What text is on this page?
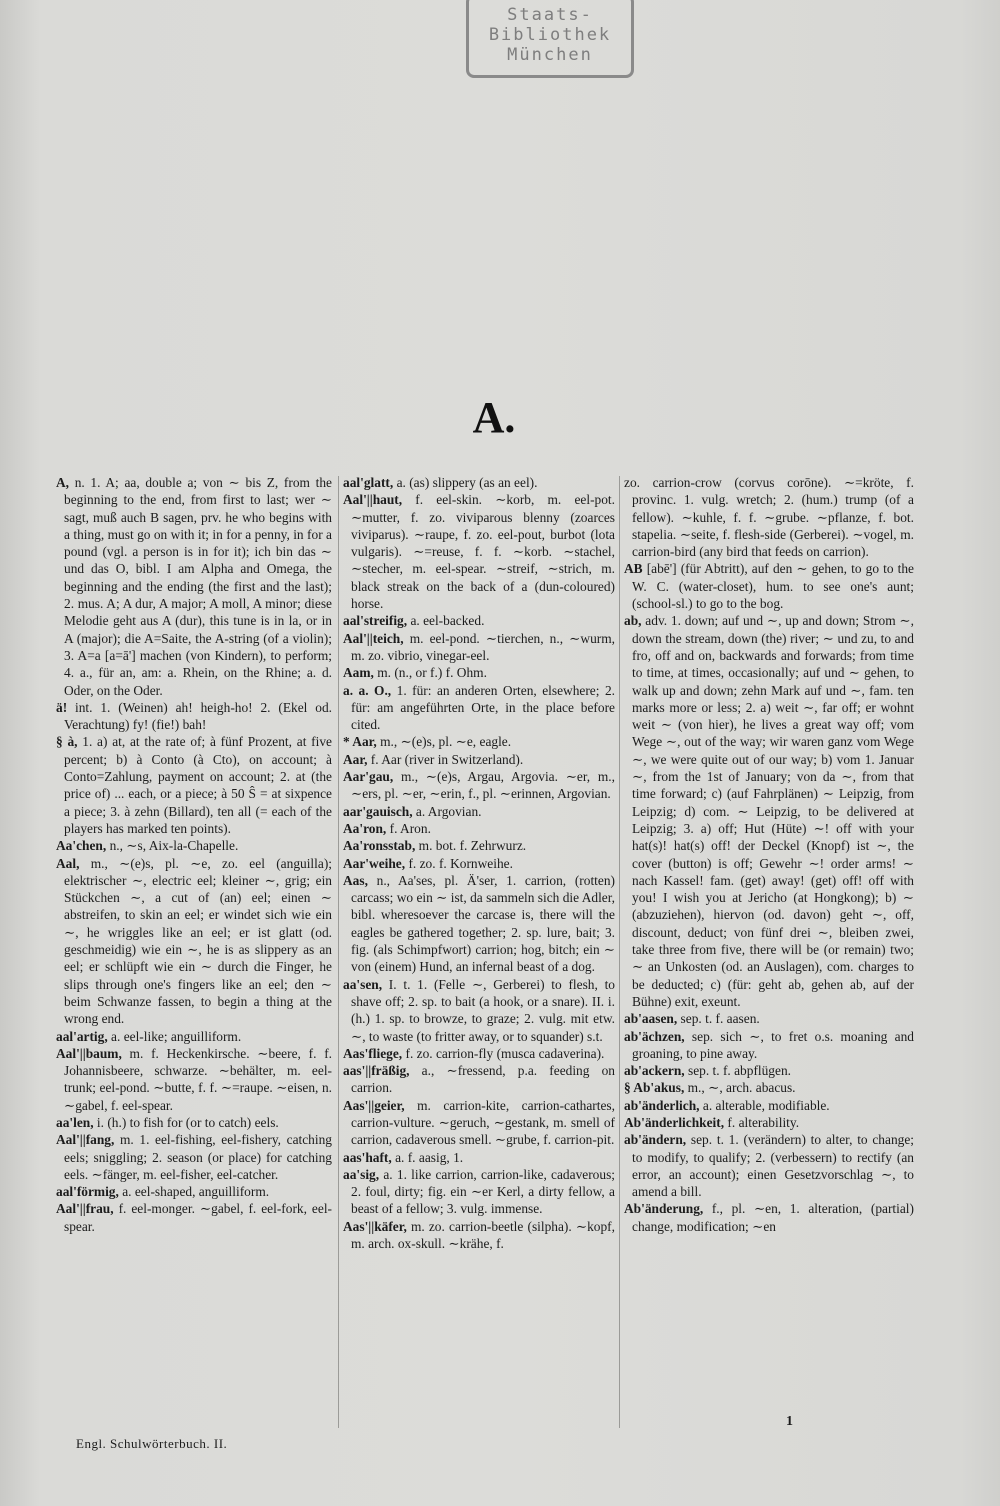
Staats-
Bibliothek
München
A.

A, n. 1. A; aa, double a; von ∼ bis Z, from the beginning to the end, from first to last; wer ∼ sagt, muß auch B sagen, prv. he who begins with a thing, must go on with it; in for a penny, in for a pound (vgl. a person is in for it); ich bin das ∼ und das O, bibl. I am Alpha and Omega, the beginning and the ending (the first and the last); 2. mus. A; A dur, A major; A moll, A minor; diese Melodie geht aus A (dur), this tune is in la, or in A (major); die A=Saite, the A-string (of a violin); 3. A=a [a=ā'] machen (von Kindern), to perform; 4. a., für an, am: a. Rhein, on the Rhine; a. d. Oder, on the Oder.

ä! int. 1. (Weinen) ah! heigh-ho! 2. (Ekel od. Verachtung) fy! (fie!) bah!

§ à, 1. a) at, at the rate of; à fünf Prozent, at five percent; b) à Conto (à Cto), on account; à Conto=Zahlung, payment on account; 2. at (the price of) ... each, or a piece; à 50 Ŝ = at sixpence a piece; 3. à zehn (Billard), ten all (= each of the players has marked ten points).

Aa'chen, n., ∼s, Aix-la-Chapelle.

Aal, m., ∼(e)s, pl. ∼e, zo. eel (anguilla); elektrischer ∼, electric eel; kleiner ∼, grig; ein Stückchen ∼, a cut of (an) eel; einen ∼ abstreifen, to skin an eel; er windet sich wie ein ∼, he wriggles like an eel; er ist glatt (od. geschmeidig) wie ein ∼, he is as slippery as an eel; er schlüpft wie ein ∼ durch die Finger, he slips through one's fingers like an eel; den ∼ beim Schwanze fassen, to begin a thing at the wrong end.

aal'artig, a. eel-like; anguilliform.

Aal'||baum, m. f. Heckenkirsche. ∼beere, f. f. Johannisbeere, schwarze. ∼behälter, m. eel-trunk; eel-pond. ∼butte, f. f. ∼=raupe. ∼eisen, n. ∼gabel, f. eel-spear.

aa'len, i. (h.) to fish for (or to catch) eels.

Aal'||fang, m. 1. eel-fishing, eel-fishery, catching eels; sniggling; 2. season (or place) for catching eels. ∼fänger, m. eel-fisher, eel-catcher.

aal'förmig, a. eel-shaped, anguilliform.

Aal'||frau, f. eel-monger. ∼gabel, f. eel-fork, eel-spear.

aal'glatt, a. (as) slippery (as an eel).

Aal'||haut, f. eel-skin. ∼korb, m. eel-pot. ∼mutter, f. zo. viviparous blenny (zoarces viviparus). ∼raupe, f. zo. eel-pout, burbot (lota vulgaris). ∼=reuse, f. f. ∼korb. ∼stachel, ∼stecher, m. eel-spear. ∼streif, ∼strich, m. black streak on the back of a (dun-coloured) horse.

aal'streifig, a. eel-backed.

Aal'||teich, m. eel-pond. ∼tierchen, n., ∼wurm, m. zo. vibrio, vinegar-eel.

Aam, m. (n., or f.) f. Ohm.

a. a. O., 1. für: an anderen Orten, elsewhere; 2. für: am angeführten Orte, in the place before cited.

* Aar, m., ∼(e)s, pl. ∼e, eagle.

Aar, f. Aar (river in Switzerland).

Aar'gau, m., ∼(e)s, Argau, Argovia. ∼er, m., ∼ers, pl. ∼er, ∼erin, f., pl. ∼erinnen, Argovian.

aar'gauisch, a. Argovian.

Aa'ron, f. Aron.

Aa'ronsstab, m. bot. f. Zehrwurz.

Aar'weihe, f. zo. f. Kornweihe.

Aas, n., Aa'ses, pl. Ä'ser, 1. carrion, (rotten) carcass; wo ein ∼ ist, da sammeln sich die Adler, bibl. wheresoever the carcase is, there will the eagles be gathered together; 2. sp. lure, bait; 3. fig. (als Schimpfwort) carrion; hog, bitch; ein ∼ von (einem) Hund, an infernal beast of a dog.

aa'sen, I. t. 1. (Felle ∼, Gerberei) to flesh, to shave off; 2. sp. to bait (a hook, or a snare). II. i. (h.) 1. sp. to browze, to graze; 2. vulg. mit etw. ∼, to waste (to fritter away, or to squander) s.t.

Aas'fliege, f. zo. carrion-fly (musca cadaverina).

aas'||fräßig, a., ∼fressend, p.a. feeding on carrion.

Aas'||geier, m. carrion-kite, carrion-cathartes, carrion-vulture. ∼geruch, ∼gestank, m. smell of carrion, cadaverous smell. ∼grube, f. carrion-pit.

aas'haft, a. f. aasig, 1.

aa'sig, a. 1. like carrion, carrion-like, cadaverous; 2. foul, dirty; fig. ein ∼er Kerl, a dirty fellow, a beast of a fellow; 3. vulg. immense.

Aas'||käfer, m. zo. carrion-beetle (silpha). ∼kopf, m. arch. ox-skull. ∼krähe, f.

zo. carrion-crow (corvus corōne). ∼=kröte, f. provinc. 1. vulg. wretch; 2. (hum.) trump (of a fellow). ∼kuhle, f. f. ∼grube. ∼pflanze, f. bot. stapelia. ∼seite, f. flesh-side (Gerberei). ∼vogel, m. carrion-bird (any bird that feeds on carrion).

AB [abē'] (für Abtritt), auf den ∼ gehen, to go to the W. C. (water-closet), hum. to see one's aunt; (school-sl.) to go to the bog.

ab, adv. 1. down; auf und ∼, up and down; Strom ∼, down the stream, down (the) river; ∼ und zu, to and fro, off and on, backwards and forwards; from time to time, at times, occasionally; auf und ∼ gehen, to walk up and down; zehn Mark auf und ∼, fam. ten marks more or less; 2. a) weit ∼, far off; er wohnt weit ∼ (von hier), he lives a great way off; vom Wege ∼, out of the way; wir waren ganz vom Wege ∼, we were quite out of our way; b) vom 1. Januar ∼, from the 1st of January; von da ∼, from that time forward; c) (auf Fahrplänen) ∼ Leipzig, from Leipzig; d) com. ∼ Leipzig, to be delivered at Leipzig; 3. a) off; Hut (Hüte) ∼! off with your hat(s)! hat(s) off! der Deckel (Knopf) ist ∼, the cover (button) is off; Gewehr ∼! order arms! ∼ nach Kassel! fam. (get) away! (get) off! off with you! I wish you at Jericho (at Hongkong); b) ∼ (abzuziehen), hiervon (od. davon) geht ∼, off, discount, deduct; von fünf drei ∼, bleiben zwei, take three from five, there will be (or remain) two; ∼ an Unkosten (od. an Auslagen), com. charges to be deducted; c) (für: geht ab, gehen ab, auf der Bühne) exit, exeunt.

ab'aasen, sep. t. f. aasen.

ab'ächzen, sep. sich ∼, to fret o.s. moaning and groaning, to pine away.

ab'ackern, sep. t. f. abpflügen.

§ Ab'akus, m., ∼, arch. abacus.

ab'änderlich, a. alterable, modifiable.

Ab'änderlichkeit, f. alterability.

ab'ändern, sep. t. 1. (verändern) to alter, to change; to modify, to qualify; 2. (verbessern) to rectify (an error, an account); einen Gesetzvorschlag ∼, to amend a bill.

Ab'änderung, f., pl. ∼en, 1. alteration, (partial) change, modification; ∼en

1
Engl. Schulwörterbuch. II.
